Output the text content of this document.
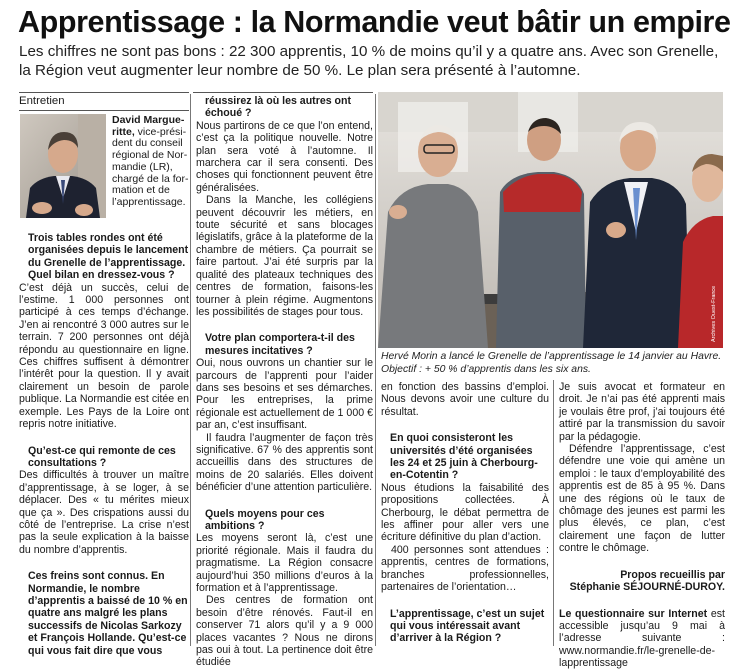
Apprentissage : la Normandie veut bâtir un empire
Les chiffres ne sont pas bons : 22 300 apprentis, 10 % de moins qu’il y a quatre ans. Avec son Grenelle, la Région veut augmenter leur nombre de 50 %. Le plan sera présenté à l’automne.
Entretien
David Margue-
ritte, vice-prési-
dent du conseil
régional de Nor-
mandie (LR),
chargé de la for-
mation et de
l’apprentissage.

Trois tables rondes ont été organisées depuis le lancement du Grenelle de l’apprentissage. Quel bilan en dressez-vous ?

C’est déjà un succès, celui de l’estime. 1 000 personnes ont participé à ces temps d’échange. J’en ai rencontré 3 000 autres sur le terrain. 7 200 personnes ont déjà répondu au questionnaire en ligne. Ces chiffres suffisent à démontrer l’intérêt pour la question. Il y avait clairement un besoin de parole publique. La Normandie est citée en exemple. Les Pays de la Loire ont repris notre initiative.

Qu’est-ce qui remonte de ces consultations ?

Des difficultés à trouver un maître d’apprentissage, à se loger, à se déplacer. Des « tu mérites mieux que ça ». Des crispations aussi du côté de l’entreprise. La crise n’est pas la seule explication à la baisse du nombre d’apprentis.

Ces freins sont connus. En Normandie, le nombre d’apprentis a baissé de 10 % en quatre ans malgré les plans successifs de Nicolas Sarkozy et François Hollande. Qu’est-ce qui vous fait dire que vous

réussirez là où les autres ont échoué ?

Nous partirons de ce que l’on entend, c’est ça la politique nouvelle. Notre plan sera voté à l’automne. Il marchera car il sera consenti. Des choses qui fonctionnent peuvent être généralisées.

Dans la Manche, les collégiens peuvent découvrir les métiers, en toute sécurité et sans blocages législatifs, grâce à la plateforme de la chambre de métiers. Ça pourrait se faire partout. J’ai été surpris par la qualité des plateaux techniques des centres de formation, faisons-les tourner à plein régime. Augmentons les possibilités de stages pour tous.

Votre plan comportera-t-il des mesures incitatives ?

Oui, nous ouvrons un chantier sur le parcours de l’apprenti pour l’aider dans ses besoins et ses démarches. Pour les entreprises, la prime régionale est actuellement de 1 000 € par an, c’est insuffisant.

Il faudra l’augmenter de façon très significative. 67 % des apprentis sont accueillis dans des structures de moins de 20 salariés. Elles doivent bénéficier d’une attention particulière.

Quels moyens pour ces ambitions ?

Les moyens seront là, c’est une priorité régionale. Mais il faudra du pragmatisme. La Région consacre aujourd’hui 350 millions d’euros à la formation et à l’apprentissage.

Des centres de formation ont besoin d’être rénovés. Faut-il en conserver 71 alors qu’il y a 9 000 places vacantes ? Nous ne dirons pas oui à tout. La pertinence doit être étudiée

Archives Ouest-France
Hervé Morin a lancé le Grenelle de l’apprentissage le 14 janvier au Havre. Objectif : + 50 % d’apprentis dans les six ans.

en fonction des bassins d’emploi. Nous devons avoir une culture du résultat.

En quoi consisteront les universités d’été organisées les 24 et 25 juin à Cherbourg-en-Cotentin ?

Nous étudions la faisabilité des propositions collectées. À Cherbourg, le débat permettra de les affiner pour aller vers une écriture définitive du plan d’action.

400 personnes sont attendues : apprentis, centres de formations, branches professionnelles, partenaires de l’orientation…

L’apprentissage, c’est un sujet qui vous intéressait avant d’arriver à la Région ?

Je suis avocat et formateur en droit. Je n’ai pas été apprenti mais je voulais être prof, j’ai toujours été attiré par la transmission du savoir par la pédagogie.

Défendre l’apprentissage, c’est défendre une voie qui amène un emploi : le taux d’employabilité des apprentis est de 85 à 95 %. Dans une des régions où le taux de chômage des jeunes est parmi les plus élevés, ce plan, c’est clairement une façon de lutter contre le chômage.

Propos recueillis par

Stéphanie SÉJOURNÉ-DUROY.

Le questionnaire sur Internet est accessible jusqu’au 9 mai à l’adresse suivante : www.normandie.fr/le-grenelle-de-lapprentissage
